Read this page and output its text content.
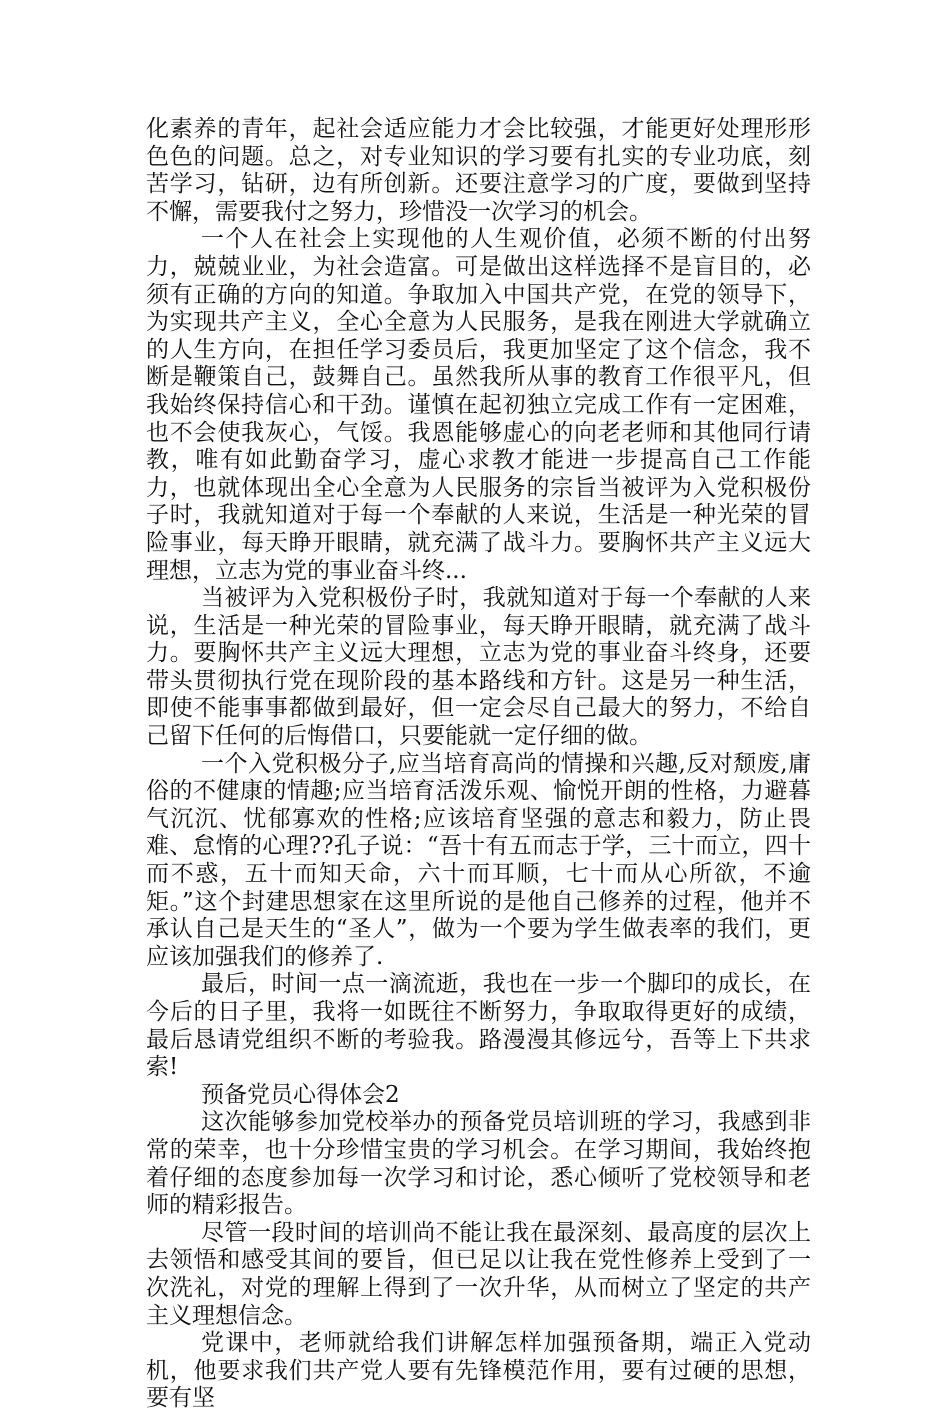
化素养的青年，起社会适应能力才会比较强，才能更好处理形形色色的问题。总之，对专业知识的学习要有扎实的专业功底，刻苦学习，钻研，边有所创新。还要注意学习的广度，要做到坚持不懈，需要我付之努力，珍惜没一次学习的机会。

一个人在社会上实现他的人生观价值，必须不断的付出努力，兢兢业业，为社会造富。可是做出这样选择不是盲目的，必须有正确的方向的知道。争取加入中国共产党，在党的领导下，为实现共产主义，全心全意为人民服务，是我在刚进大学就确立的人生方向，在担任学习委员后，我更加坚定了这个信念，我不断是鞭策自己，鼓舞自己。虽然我所从事的教育工作很平凡，但我始终保持信心和干劲。谨慎在起初独立完成工作有一定困难，也不会使我灰心，气馁。我恩能够虚心的向老老师和其他同行请教，唯有如此勤奋学习，虚心求教才能进一步提高自己工作能力，也就体现出全心全意为人民服务的宗旨当被评为入党积极份子时，我就知道对于每一个奉献的人来说，生活是一种光荣的冒险事业，每天睁开眼睛，就充满了战斗力。要胸怀共产主义远大理想，立志为党的事业奋斗终...

当被评为入党积极份子时，我就知道对于每一个奉献的人来说，生活是一种光荣的冒险事业，每天睁开眼睛，就充满了战斗力。要胸怀共产主义远大理想，立志为党的事业奋斗终身，还要带头贯彻执行党在现阶段的基本路线和方针。这是另一种生活，即使不能事事都做到最好，但一定会尽自己最大的努力，不给自己留下任何的后悔借口，只要能就一定仔细的做。

一个入党积极分子,应当培育高尚的情操和兴趣,反对颓废,庸俗的不健康的情趣;应当培育活泼乐观、愉悦开朗的性格，力避暮气沉沉、忧郁寡欢的性格;应该培育坚强的意志和毅力，防止畏难、怠惰的心理??孔子说：“吾十有五而志于学，三十而立，四十而不惑，五十而知天命，六十而耳顺，七十而从心所欲，不逾矩。”这个封建思想家在这里所说的是他自己修养的过程，他并不承认自己是天生的“圣人”，做为一个要为学生做表率的我们，更应该加强我们的修养了.

最后，时间一点一滴流逝，我也在一步一个脚印的成长，在今后的日子里，我将一如既往不断努力，争取取得更好的成绩，最后恳请党组织不断的考验我。路漫漫其修远兮，吾等上下共求索!

预备党员心得体会2

这次能够参加党校举办的预备党员培训班的学习，我感到非常的荣幸，也十分珍惜宝贵的学习机会。在学习期间，我始终抱着仔细的态度参加每一次学习和讨论，悉心倾听了党校领导和老师的精彩报告。

尽管一段时间的培训尚不能让我在最深刻、最高度的层次上去领悟和感受其间的要旨，但已足以让我在党性修养上受到了一次洗礼，对党的理解上得到了一次升华，从而树立了坚定的共产主义理想信念。

党课中，老师就给我们讲解怎样加强预备期，端正入党动机，他要求我们共产党人要有先锋模范作用，要有过硬的思想，要有坚
